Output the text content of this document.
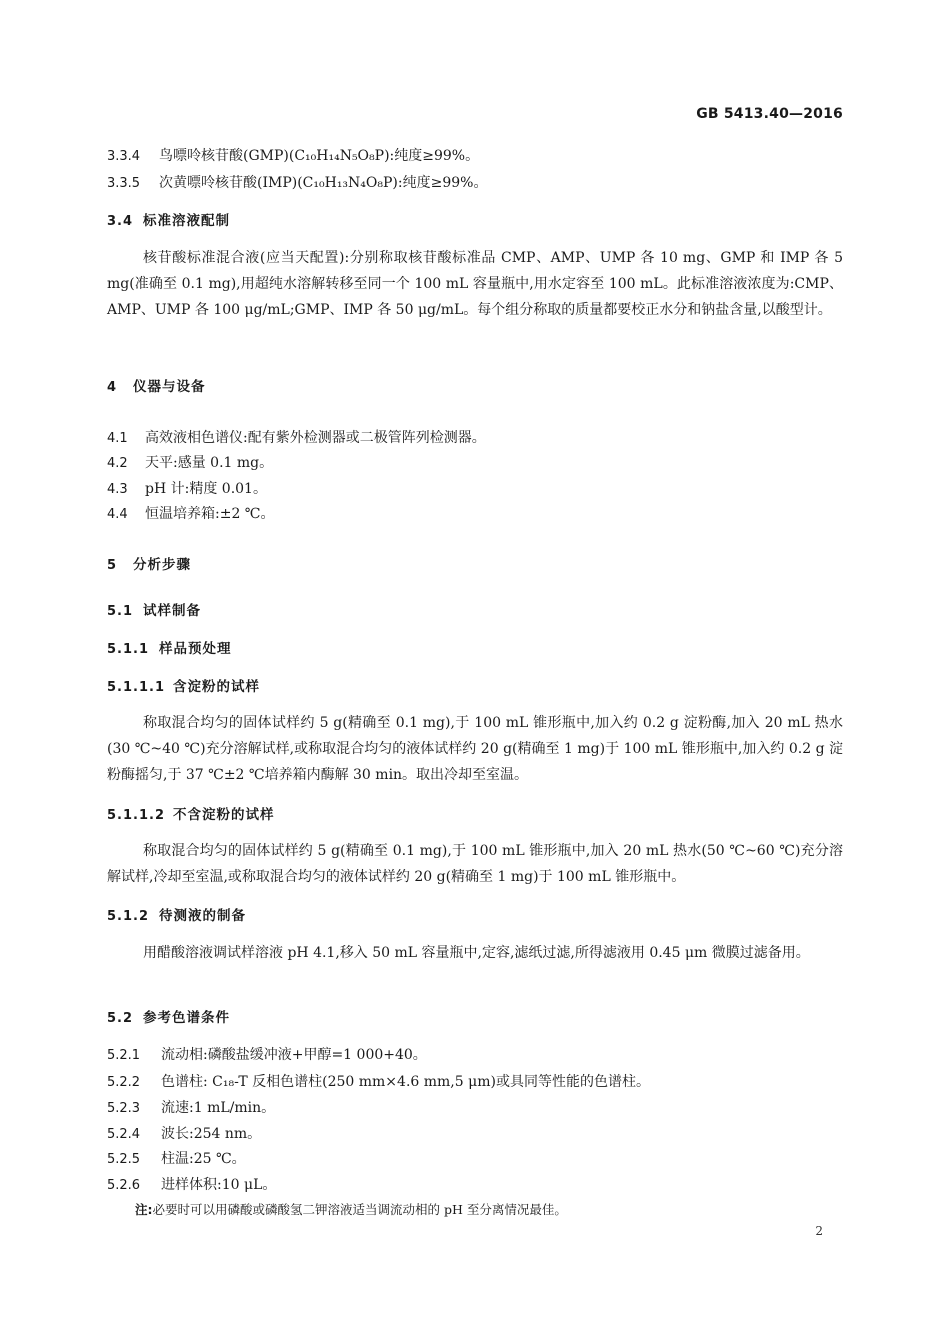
GB 5413.40—2016
3.3.4 鸟嘌呤核苷酸(GMP)(C₁₀H₁₄N₅O₈P):纯度≥99%。
3.3.5 次黄嘌呤核苷酸(IMP)(C₁₀H₁₃N₄O₈P):纯度≥99%。
3.4 标准溶液配制
核苷酸标准混合液(应当天配置):分别称取核苷酸标准品 CMP、AMP、UMP 各 10 mg、GMP 和 IMP 各 5 mg(准确至 0.1 mg),用超纯水溶解转移至同一个 100 mL 容量瓶中,用水定容至 100 mL。此标准溶液浓度为:CMP、AMP、UMP 各 100 μg/mL;GMP、IMP 各 50 μg/mL。每个组分称取的质量都要校正水分和钠盐含量,以酸型计。
4 仪器与设备
4.1 高效液相色谱仪:配有紫外检测器或二极管阵列检测器。
4.2 天平:感量 0.1 mg。
4.3 pH 计:精度 0.01。
4.4 恒温培养箱:±2 ℃。
5 分析步骤
5.1 试样制备
5.1.1 样品预处理
5.1.1.1 含淀粉的试样
称取混合均匀的固体试样约 5 g(精确至 0.1 mg),于 100 mL 锥形瓶中,加入约 0.2 g 淀粉酶,加入 20 mL 热水(30 ℃~40 ℃)充分溶解试样,或称取混合均匀的液体试样约 20 g(精确至 1 mg)于 100 mL 锥形瓶中,加入约 0.2 g 淀粉酶摇匀,于 37 ℃±2 ℃培养箱内酶解 30 min。取出冷却至室温。
5.1.1.2 不含淀粉的试样
称取混合均匀的固体试样约 5 g(精确至 0.1 mg),于 100 mL 锥形瓶中,加入 20 mL 热水(50 ℃~60 ℃)充分溶解试样,冷却至室温,或称取混合均匀的液体试样约 20 g(精确至 1 mg)于 100 mL 锥形瓶中。
5.1.2 待测液的制备
用醋酸溶液调试样溶液 pH 4.1,移入 50 mL 容量瓶中,定容,滤纸过滤,所得滤液用 0.45 μm 微膜过滤备用。
5.2 参考色谱条件
5.2.1 流动相:磷酸盐缓冲液+甲醇=1 000+40。
5.2.2 色谱柱: C₁₈-T 反相色谱柱(250 mm×4.6 mm,5 μm)或具同等性能的色谱柱。
5.2.3 流速:1 mL/min。
5.2.4 波长:254 nm。
5.2.5 柱温:25 ℃。
5.2.6 进样体积:10 μL。
注:必要时可以用磷酸或磷酸氢二钾溶液适当调流动相的 pH 至分离情况最佳。
2
